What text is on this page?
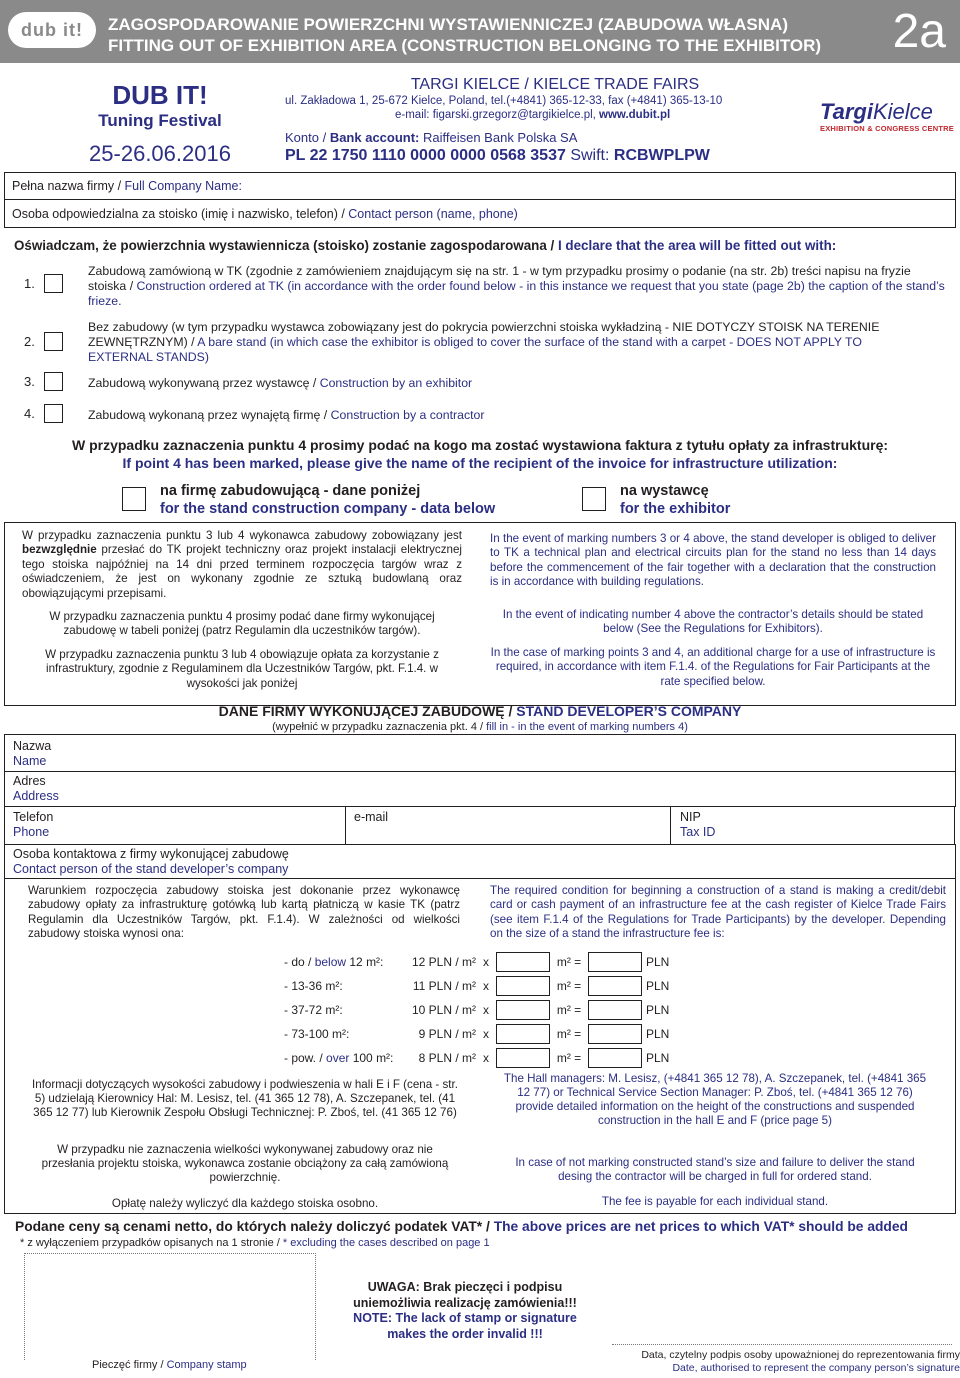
dub it! ZAGOSPODAROWANIE POWIERZCHNI WYSTAWIENNICZEJ (ZABUDOWA WŁASNA)
FITTING OUT OF EXHIBITION AREA (CONSTRUCTION BELONGING TO THE EXHIBITOR) 2a
DUB IT!
Tuning Festival
25-26.06.2016
TARGI KIELCE / KIELCE TRADE FAIRS
ul. Zakładowa 1, 25-672 Kielce, Poland, tel.(+4841) 365-12-33, fax (+4841) 365-13-10
e-mail: figarski.grzegorz@targikielce.pl, www.dubit.pl
Konto / Bank account: Raiffeisen Bank Polska SA
PL 22 1750 1110 0000 0000 0568 3537 Swift: RCBWPLPW
TargiKielce
EXHIBITION & CONGRESS CENTRE
Pełna nazwa firmy / Full Company Name:
Osoba odpowiedzialna za stoisko (imię i nazwisko, telefon) / Contact person (name, phone)
Oświadczam, że powierzchnia wystawiennicza (stoisko) zostanie zagospodarowana / I declare that the area will be fitted out with:
1.
Zabudową zamówioną w TK (zgodnie z zamówieniem znajdującym się na str. 1 - w tym przypadku prosimy o podanie (na str. 2b) treści napisu na fryzie stoiska / Construction ordered at TK (in accordance with the order found below - in this instance we request that you state (page 2b) the caption of the stand’s frieze.
2.
Bez zabudowy (w tym przypadku wystawca zobowiązany jest do pokrycia powierzchni stoiska wykładziną - NIE DOTYCZY STOISK NA TERENIE ZEWNĘTRZNYM) / A bare stand (in which case the exhibitor is obliged to cover the surface of the stand with a carpet - DOES NOT APPLY TO EXTERNAL STANDS)
3.	Zabudową wykonywaną przez wystawcę / Construction by an exhibitor
4.	Zabudową wykonaną przez wynajętą firmę / Construction by a contractor
W przypadku zaznaczenia punktu 4 prosimy podać na kogo ma zostać wystawiona faktura z tytułu opłaty za infrastrukturę:
If point 4 has been marked, please give the name of the recipient of the invoice for infrastructure utilization:
na firmę zabudowującą - dane poniżej
for the stand construction company - data below
na wystawcę
for the exhibitor
W przypadku zaznaczenia punktu 3 lub 4 wykonawca zabudowy zobowiązany jest bezwzględnie przesłać do TK projekt techniczny oraz projekt instalacji elektrycznej tego stoiska najpóźniej na 14 dni przed terminem rozpoczęcia targów wraz z oświadczeniem, że jest on wykonany zgodnie ze sztuką budowlaną oraz obowiązującymi przepisami.
W przypadku zaznaczenia punktu 4 prosimy podać dane firmy wykonującej zabudowę w tabeli poniżej (patrz Regulamin dla uczestników targów).
W przypadku zaznaczenia punktu 3 lub 4 obowiązuje opłata za korzystanie z infrastruktury, zgodnie z Regulaminem dla Uczestników Targów, pkt. F.1.4. w wysokości jak poniżej
In the event of marking numbers 3 or 4 above, the stand developer is obliged to deliver to TK a technical plan and electrical circuits plan for the stand no less than 14 days before the commencement of the fair together with a declaration that the construction is in accordance with building regulations.
In the event of indicating number 4 above the contractor’s details should be stated below (See the Regulations for Exhibitors).
In the case of marking points 3 and 4, an additional charge for a use of infrastructure is required, in accordance with item F.1.4. of the Regulations for Fair Participants at the rate specified below.
DANE FIRMY WYKONUJĄCEJ ZABUDOWĘ / STAND DEVELOPER’S COMPANY
(wypełnić w przypadku zaznaczenia pkt. 4 / fill in - in the event of marking numbers 4)
Nazwa
Name
Adres
Address
Telefon
Phone
e-mail	NIP
Tax ID
Osoba kontaktowa z firmy wykonującej zabudowę
Contact person of the stand developer’s company
Warunkiem rozpoczęcia zabudowy stoiska jest dokonanie przez wykonawcę zabudowy opłaty za infrastrukturę gotówką lub kartą płatniczą w kasie TK (patrz Regulamin dla Uczestników Targów, pkt. F.1.4). W zależności od wielkości zabudowy stoiska wynosi ona:
The required condition for beginning a construction of a stand is making a credit/debit card or cash payment of an infrastructure fee at the cash register of Kielce Trade Fairs (see item F.1.4 of the Regulations for Trade Participants) by the developer. Depending on the size of a stand the infrastructure fee is:
- do / below 12 m²:	12 PLN / m² x	m² =	PLN
- 13-36 m²:	11 PLN / m² x	m² =	PLN
- 37-72 m²:	10 PLN / m² x	m² =	PLN
- 73-100 m²:	9 PLN / m² x	m² =	PLN
- pow. / over 100 m²:	8 PLN / m² x	m² =	PLN
Informacji dotyczących wysokości zabudowy i podwieszenia w hali E i F (cena - str. 5) udzielają Kierownicy Hal: M. Lesisz, tel. (41 365 12 78), A. Szczepanek, tel. (41 365 12 77) lub Kierownik Zespołu Obsługi Technicznej: P. Zboś, tel. (41 365 12 76)
W przypadku nie zaznaczenia wielkości wykonywanej zabudowy oraz nie przesłania projektu stoiska, wykonawca zostanie obciążony za całą zamówioną powierzchnię.
Opłatę należy wyliczyć dla każdego stoiska osobno.
The Hall managers: M. Lesisz, (+4841 365 12 78), A. Szczepanek, tel. (+4841 365 12 77) or Technical Service Section Manager: P. Zboś, tel. (+4841 365 12 76) provide detailed information on the height of the constructions and suspended construction in the hall E and F (price page 5)
In case of not marking constructed stand’s size and failure to deliver the stand desing the contractor will be charged in full for ordered stand.
The fee is payable for each individual stand.
Podane ceny są cenami netto, do których należy doliczyć podatek VAT* / The above prices are net prices to which VAT* should be added
* z wyłączeniem przypadków opisanych na 1 stronie / * excluding the cases described on page 1
Pieczęć firmy / Company stamp
UWAGA: Brak pieczęci i podpisu
uniemożliwia realizację zamówienia!!!
NOTE: The lack of stamp or signature
makes the order invalid !!!
Data, czytelny podpis osoby upoważnionej do reprezentowania firmy
Date, authorised to represent the company person’s signature
